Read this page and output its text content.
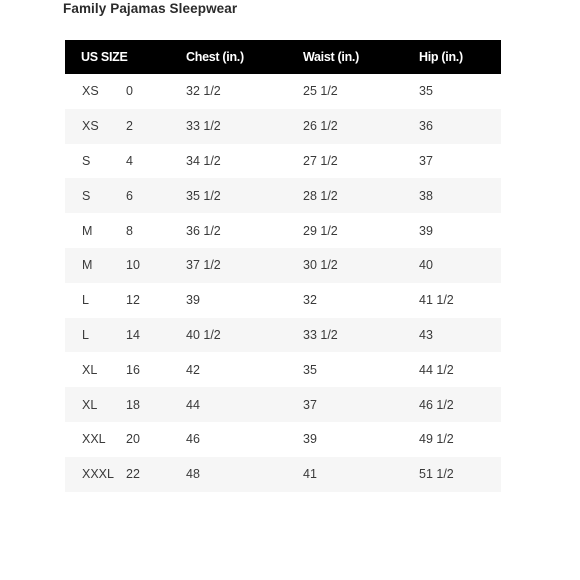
Family Pajamas Sleepwear
US SIZE	Chest (in.)	Waist (in.)	Hip (in.)
XS	0	32 1/2	25 1/2	35
XS	2	33 1/2	26 1/2	36
S	4	34 1/2	27 1/2	37
S	6	35 1/2	28 1/2	38
M	8	36 1/2	29 1/2	39
M	10	37 1/2	30 1/2	40
L	12	39	32	41 1/2
L	14	40 1/2	33 1/2	43
XL	16	42	35	44 1/2
XL	18	44	37	46 1/2
XXL	20	46	39	49 1/2
XXXL 22	48	41	51 1/2
